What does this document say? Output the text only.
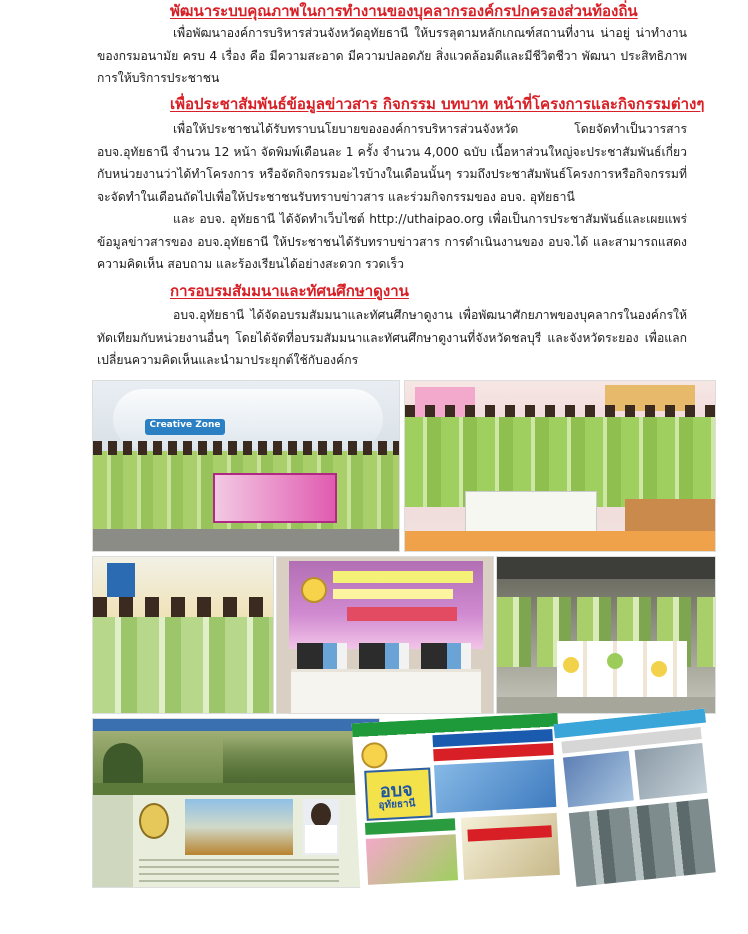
พัฒนาระบบคุณภาพในการทำงานของบุคลากรองค์กรปกครองส่วนท้องถิ่น

เพื่อพัฒนาองค์การบริหารส่วนจังหวัดอุทัยธานี ให้บรรลุตามหลักเกณฑ์สถานที่งาน น่าอยู่ น่าทำงานของกรมอนามัย ครบ 4 เรื่อง คือ มีความสะอาด มีความปลอดภัย สิ่งแวดล้อมดีและมีชีวิตชีวา พัฒนา ประสิทธิภาพการให้บริการประชาชน

เพื่อประชาสัมพันธ์ข้อมูลข่าวสาร กิจกรรม บทบาท หน้าที่โครงการและกิจกรรมต่างๆ

เพื่อให้ประชาชนได้รับทราบนโยบายขององค์การบริหารส่วนจังหวัด โดยจัดทำเป็นวารสาร อบจ.อุทัยธานี จำนวน 12 หน้า จัดพิมพ์เดือนละ 1 ครั้ง จำนวน 4,000 ฉบับ เนื้อหาส่วนใหญ่จะประชาสัมพันธ์เกี่ยวกับหน่วยงานว่าได้ทำโครงการ หรือจัดกิจกรรมอะไรบ้างในเดือนนั้นๆ รวมถึงประชาสัมพันธ์โครงการหรือกิจกรรมที่จะจัดทำในเดือนถัดไปเพื่อให้ประชาชนรับทราบข่าวสาร และร่วมกิจกรรมของ อบจ. อุทัยธานี

และ อบจ. อุทัยธานี ได้จัดทำเว็บไซต์ http://uthaipao.org เพื่อเป็นการประชาสัมพันธ์และเผยแพร่ข้อมูลข่าวสารของ อบจ.อุทัยธานี ให้ประชาชนได้รับทราบข่าวสาร การดำเนินงานของ อบจ.ได้ และสามารถแสดงความคิดเห็น สอบถาม และร้องเรียนได้อย่างสะดวก รวดเร็ว

การอบรมสัมมนาและทัศนศึกษาดูงาน

อบจ.อุทัยธานี ได้จัดอบรมสัมมนาและทัศนศึกษาดูงาน เพื่อพัฒนาศักยภาพของบุคลากรในองค์กรให้ทัดเทียมกับหน่วยงานอื่นๆ โดยได้จัดที่อบรมสัมมนาและทัศนศึกษาดูงานที่จังหวัดชลบุรี และจังหวัดระยอง เพื่อแลกเปลี่ยนความคิดเห็นและนำมาประยุกต์ใช้กับองค์กร

Creative Zone
อบจ
อุทัยธานี
